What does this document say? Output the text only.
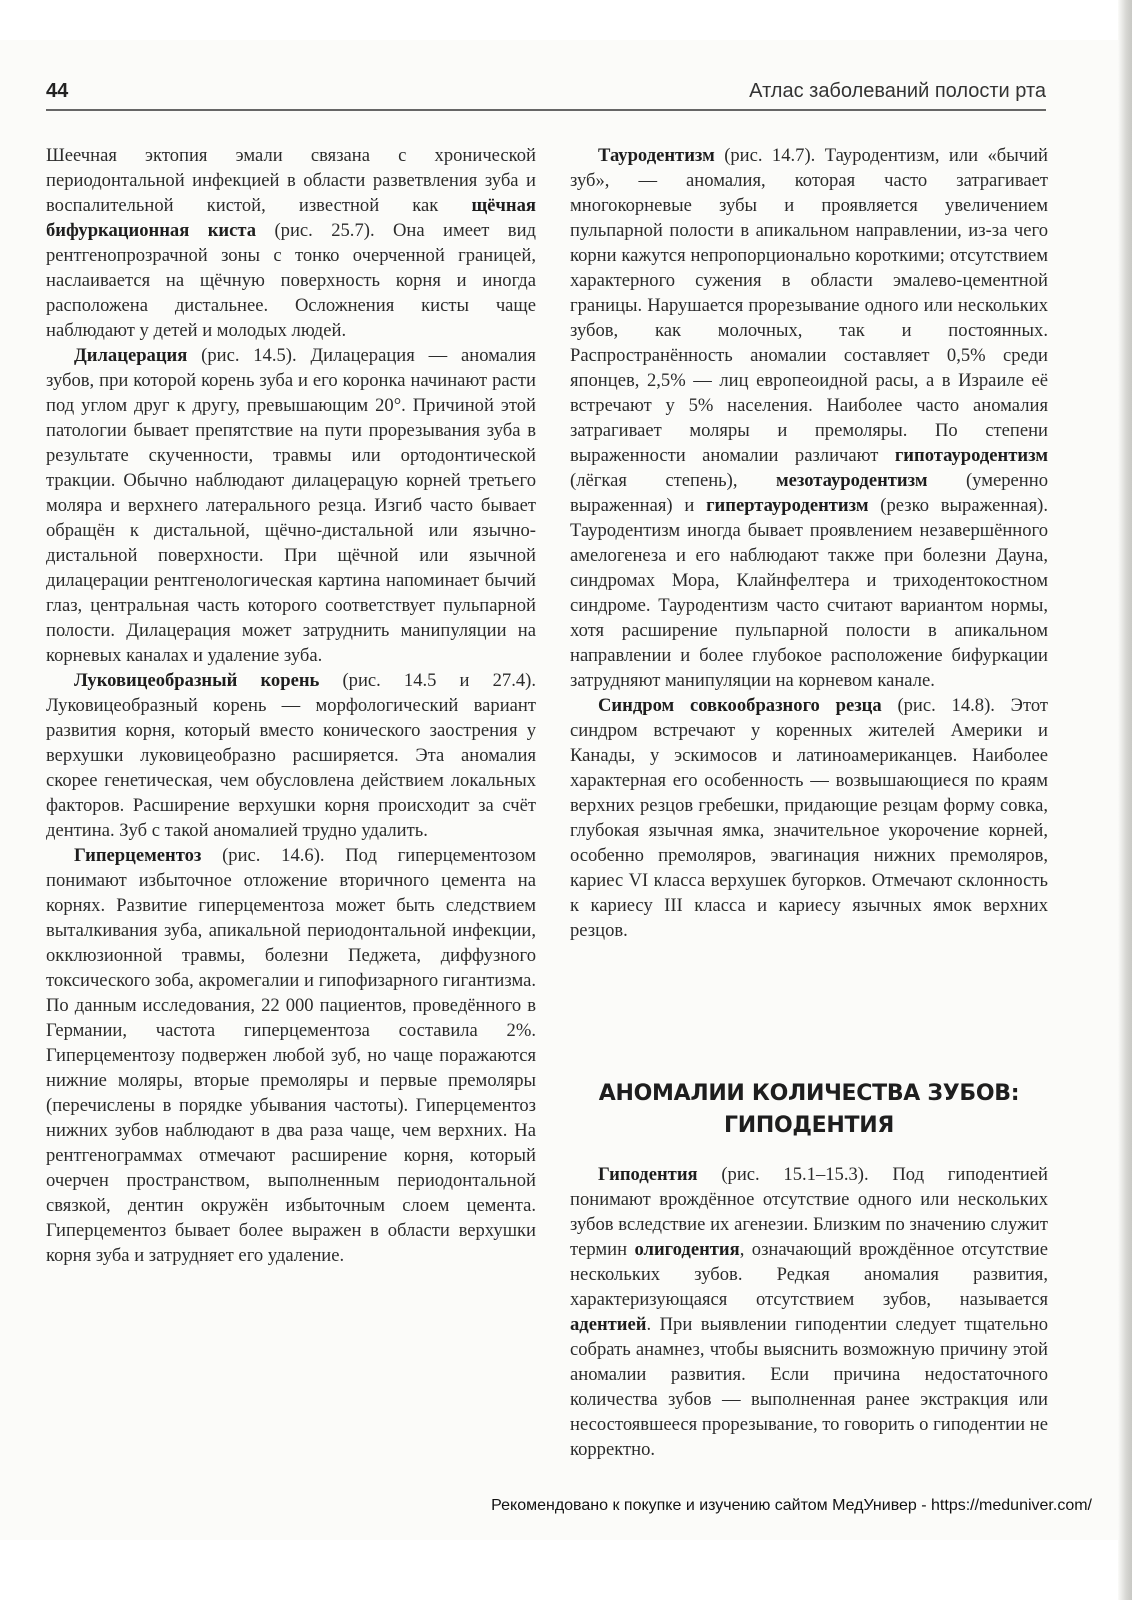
44	Атлас заболеваний полости рта

Шеечная эктопия эмали связана с хронической периодонтальной инфекцией в области разветвления зуба и воспалительной кистой, известной как щёчная бифуркационная киста (рис. 25.7). Она имеет вид рентгенопрозрачной зоны с тонко очерченной границей, наслаивается на щёчную поверхность корня и иногда расположена дистальнее. Осложнения кисты чаще наблюдают у детей и молодых людей.

Дилацерация (рис. 14.5). Дилацерация — аномалия зубов, при которой корень зуба и его коронка начинают расти под углом друг к другу, превышающим 20°. Причиной этой патологии бывает препятствие на пути прорезывания зуба в результате скученности, травмы или ортодонтической тракции. Обычно наблюдают дилацерацую корней третьего моляра и верхнего латерального резца. Изгиб часто бывает обращён к дистальной, щёчно-дистальной или язычно-дистальной поверхности. При щёчной или язычной дилацерации рентгенологическая картина напоминает бычий глаз, центральная часть которого соответствует пульпарной полости. Дилацерация может затруднить манипуляции на корневых каналах и удаление зуба.

Луковицеобразный корень (рис. 14.5 и 27.4). Луковицеобразный корень — морфологический вариант развития корня, который вместо конического заострения у верхушки луковицеобразно расширяется. Эта аномалия скорее генетическая, чем обусловлена действием локальных факторов. Расширение верхушки корня происходит за счёт дентина. Зуб с такой аномалией трудно удалить.

Гиперцементоз (рис. 14.6). Под гиперцементозом понимают избыточное отложение вторичного цемента на корнях. Развитие гиперцементоза может быть следствием выталкивания зуба, апикальной периодонтальной инфекции, окклюзионной травмы, болезни Педжета, диффузного токсического зоба, акромегалии и гипофизарного гигантизма. По данным исследования, 22 000 пациентов, проведённого в Германии, частота гиперцементоза составила 2%. Гиперцементозу подвержен любой зуб, но чаще поражаются нижние моляры, вторые премоляры и первые премоляры (перечислены в порядке убывания частоты). Гиперцементоз нижних зубов наблюдают в два раза чаще, чем верхних. На рентгенограммах отмечают расширение корня, который очерчен пространством, выполненным периодонтальной связкой, дентин окружён избыточным слоем цемента. Гиперцементоз бывает более выражен в области верхушки корня зуба и затрудняет его удаление.

Тауродентизм (рис. 14.7). Тауродентизм, или «бычий зуб», — аномалия, которая часто затрагивает многокорневые зубы и проявляется увеличением пульпарной полости в апикальном направлении, из-за чего корни кажутся непропорционально короткими; отсутствием характерного сужения в области эмалево-цементной границы. Нарушается прорезывание одного или нескольких зубов, как молочных, так и постоянных. Распространённость аномалии составляет 0,5% среди японцев, 2,5% — лиц европеоидной расы, а в Израиле её встречают у 5% населения. Наиболее часто аномалия затрагивает моляры и премоляры. По степени выраженности аномалии различают гипотауродентизм (лёгкая степень), мезотауродентизм (умеренно выраженная) и гипертауродентизм (резко выраженная). Тауродентизм иногда бывает проявлением незавершённого амелогенеза и его наблюдают также при болезни Дауна, синдромах Мора, Клайнфелтера и триходентокостном синдроме. Тауродентизм часто считают вариантом нормы, хотя расширение пульпарной полости в апикальном направлении и более глубокое расположение бифуркации затрудняют манипуляции на корневом канале.

Синдром совкообразного резца (рис. 14.8). Этот синдром встречают у коренных жителей Америки и Канады, у эскимосов и латиноамериканцев. Наиболее характерная его особенность — возвышающиеся по краям верхних резцов гребешки, придающие резцам форму совка, глубокая язычная ямка, значительное укорочение корней, особенно премоляров, эвагинация нижних премоляров, кариес VI класса верхушек бугорков. Отмечают склонность к кариесу III класса и кариесу язычных ямок верхних резцов.

АНОМАЛИИ КОЛИЧЕСТВА ЗУБОВ:
ГИПОДЕНТИЯ

Гиподентия (рис. 15.1–15.3). Под гиподентией понимают врождённое отсутствие одного или нескольких зубов вследствие их агенезии. Близким по значению служит термин олигодентия, означающий врождённое отсутствие нескольких зубов. Редкая аномалия развития, характеризующаяся отсутствием зубов, называется адентией. При выявлении гиподентии следует тщательно собрать анамнез, чтобы выяснить возможную причину этой аномалии развития. Если причина недостаточного количества зубов — выполненная ранее экстракция или несостоявшееся прорезывание, то говорить о гиподентии не корректно.

Рекомендовано к покупке и изучению сайтом МедУнивер - https://meduniver.com/
